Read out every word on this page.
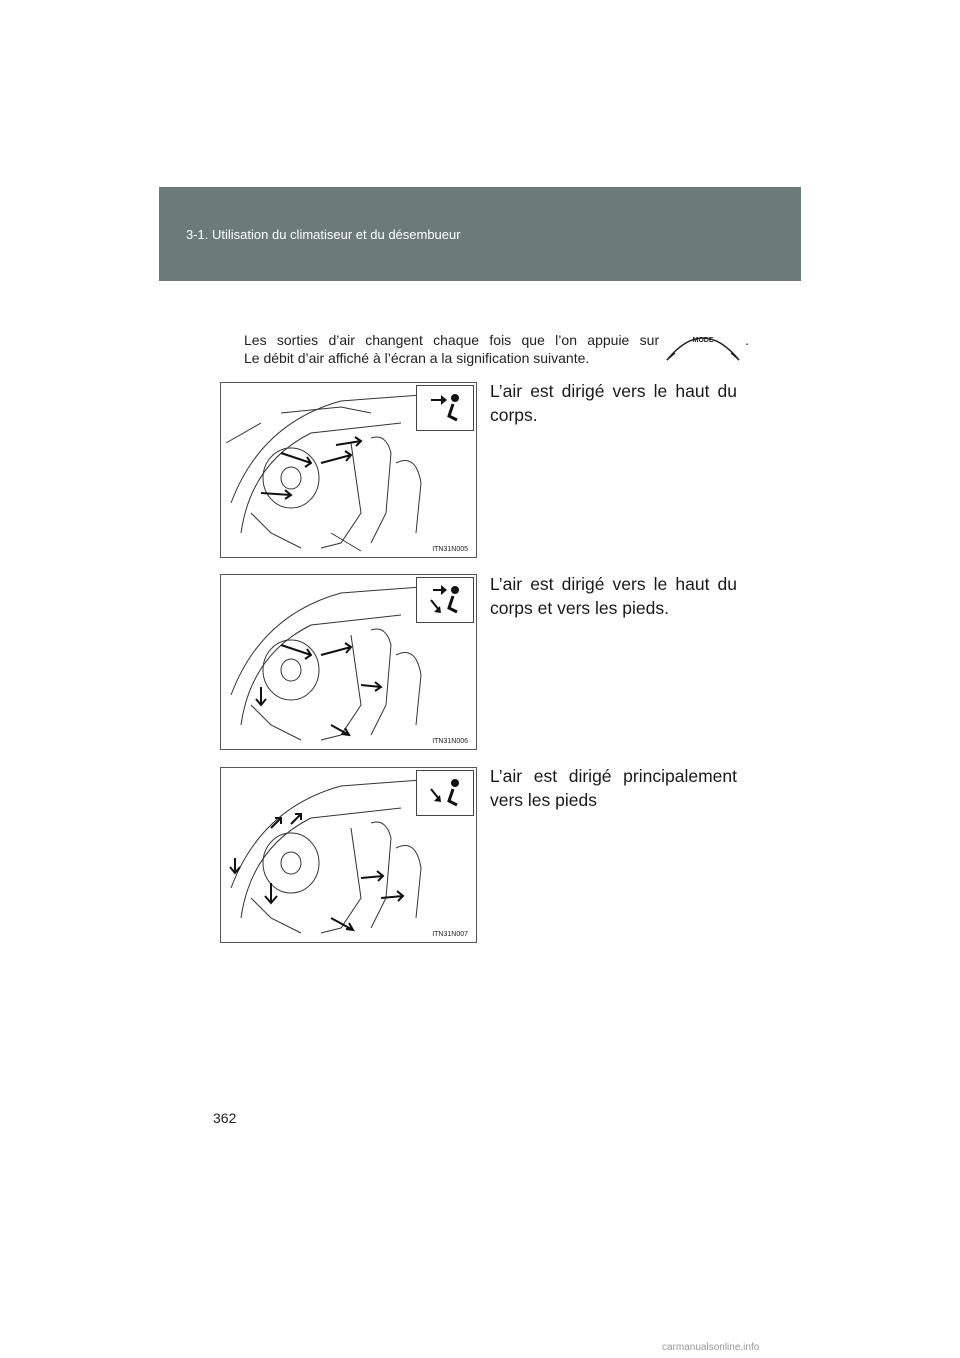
3-1. Utilisation du climatiseur et du désembueur
Les sorties d’air changent chaque fois que l’on appuie sur	MODE .
Le débit d’air affiché à l’écran a la signification suivante.
ITN31N005
L’air est dirigé vers le haut du corps.
ITN31N006
L’air est dirigé vers le haut du corps et vers les pieds.
ITN31N007
L’air est dirigé principalement vers les pieds
362
carmanualsonline.info
